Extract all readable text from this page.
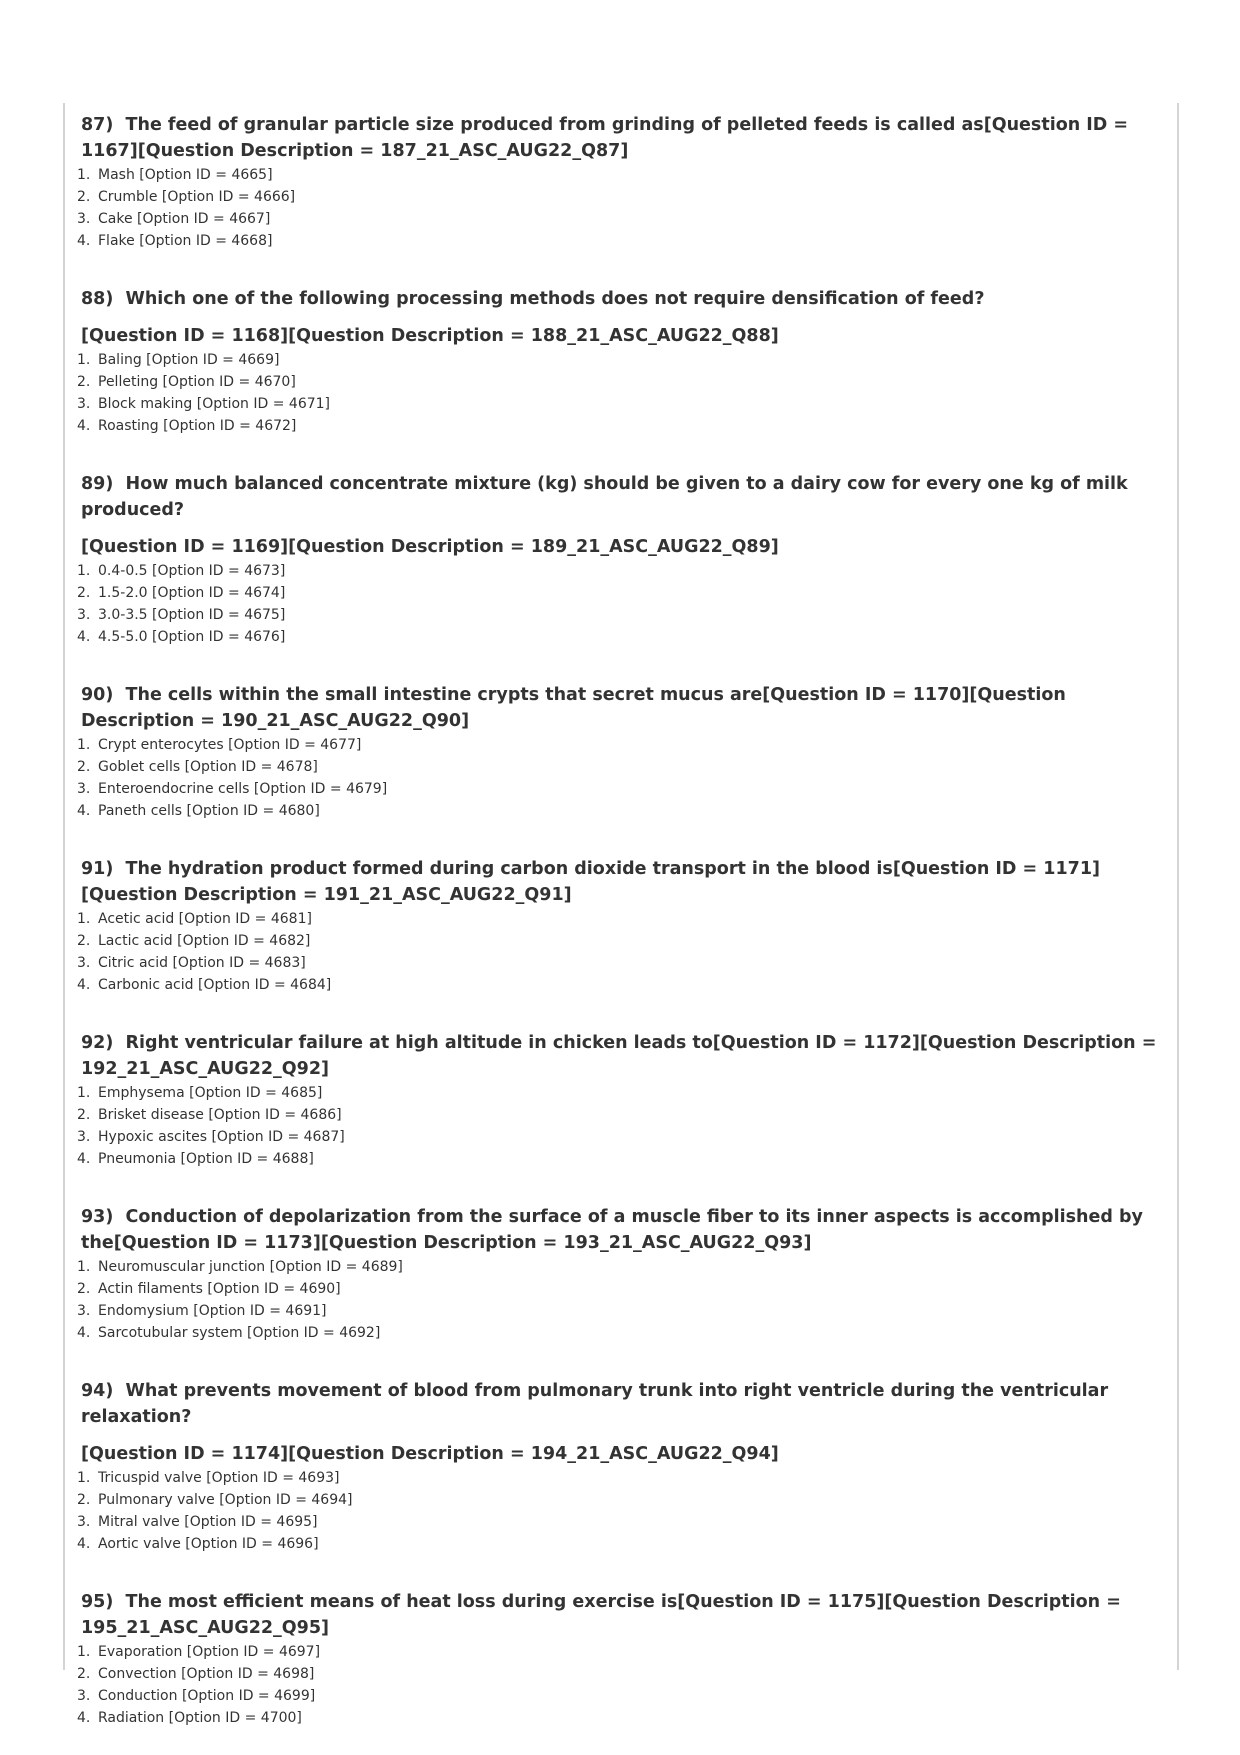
87) The feed of granular particle size produced from grinding of pelleted feeds is called as[Question ID = 1167][Question Description = 187_21_ASC_AUG22_Q87]

1. Mash [Option ID = 4665]
2. Crumble [Option ID = 4666]
3. Cake [Option ID = 4667]
4. Flake [Option ID = 4668]

88) Which one of the following processing methods does not require densification of feed?

[Question ID = 1168][Question Description = 188_21_ASC_AUG22_Q88]

1. Baling [Option ID = 4669]
2. Pelleting [Option ID = 4670]
3. Block making [Option ID = 4671]
4. Roasting [Option ID = 4672]

89) How much balanced concentrate mixture (kg) should be given to a dairy cow for every one kg of milk produced?

[Question ID = 1169][Question Description = 189_21_ASC_AUG22_Q89]

1. 0.4-0.5 [Option ID = 4673]
2. 1.5-2.0 [Option ID = 4674]
3. 3.0-3.5 [Option ID = 4675]
4. 4.5-5.0 [Option ID = 4676]

90) The cells within the small intestine crypts that secret mucus are[Question ID = 1170][Question Description = 190_21_ASC_AUG22_Q90]

1. Crypt enterocytes [Option ID = 4677]
2. Goblet cells [Option ID = 4678]
3. Enteroendocrine cells [Option ID = 4679]
4. Paneth cells [Option ID = 4680]

91) The hydration product formed during carbon dioxide transport in the blood is[Question ID = 1171][Question Description = 191_21_ASC_AUG22_Q91]

1. Acetic acid [Option ID = 4681]
2. Lactic acid [Option ID = 4682]
3. Citric acid [Option ID = 4683]
4. Carbonic acid [Option ID = 4684]

92) Right ventricular failure at high altitude in chicken leads to[Question ID = 1172][Question Description = 192_21_ASC_AUG22_Q92]

1. Emphysema [Option ID = 4685]
2. Brisket disease [Option ID = 4686]
3. Hypoxic ascites [Option ID = 4687]
4. Pneumonia [Option ID = 4688]

93) Conduction of depolarization from the surface of a muscle fiber to its inner aspects is accomplished by the[Question ID = 1173][Question Description = 193_21_ASC_AUG22_Q93]

1. Neuromuscular junction [Option ID = 4689]
2. Actin filaments [Option ID = 4690]
3. Endomysium [Option ID = 4691]
4. Sarcotubular system [Option ID = 4692]

94) What prevents movement of blood from pulmonary trunk into right ventricle during the ventricular relaxation?

[Question ID = 1174][Question Description = 194_21_ASC_AUG22_Q94]

1. Tricuspid valve [Option ID = 4693]
2. Pulmonary valve [Option ID = 4694]
3. Mitral valve [Option ID = 4695]
4. Aortic valve [Option ID = 4696]

95) The most efficient means of heat loss during exercise is[Question ID = 1175][Question Description = 195_21_ASC_AUG22_Q95]

1. Evaporation [Option ID = 4697]
2. Convection [Option ID = 4698]
3. Conduction [Option ID = 4699]
4. Radiation [Option ID = 4700]
